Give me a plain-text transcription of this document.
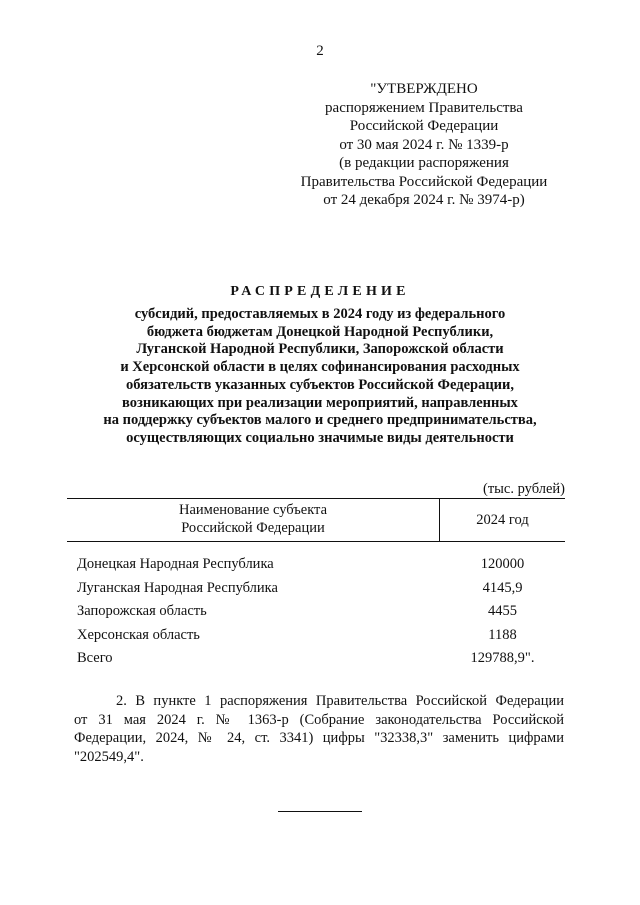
2
"УТВЕРЖДЕНО
распоряжением Правительства
Российской Федерации
от 30 мая 2024 г. № 1339-р
(в редакции распоряжения
Правительства Российской Федерации
от 24 декабря 2024 г. № 3974-р)
РАСПРЕДЕЛЕНИЕ
субсидий, предоставляемых в 2024 году из федерального
бюджета бюджетам Донецкой Народной Республики,
Луганской Народной Республики, Запорожской области
и Херсонской области в целях софинансирования расходных
обязательств указанных субъектов Российской Федерации,
возникающих при реализации мероприятий, направленных
на поддержку субъектов малого и среднего предпринимательства,
осуществляющих социально значимые виды деятельности
(тыс. рублей)
Наименование субъекта
Российской Федерации	2024 год
Донецкая Народная Республика	120000
Луганская Народная Республика	4145,9
Запорожская область	4455
Херсонская область	1188
Всего	129788,9".
2. В пункте 1 распоряжения Правительства Российской Федерации
от 31 мая 2024 г. № 1363-р (Собрание законодательства Российской
Федерации, 2024, № 24, ст. 3341) цифры "32338,3" заменить цифрами
"202549,4".
